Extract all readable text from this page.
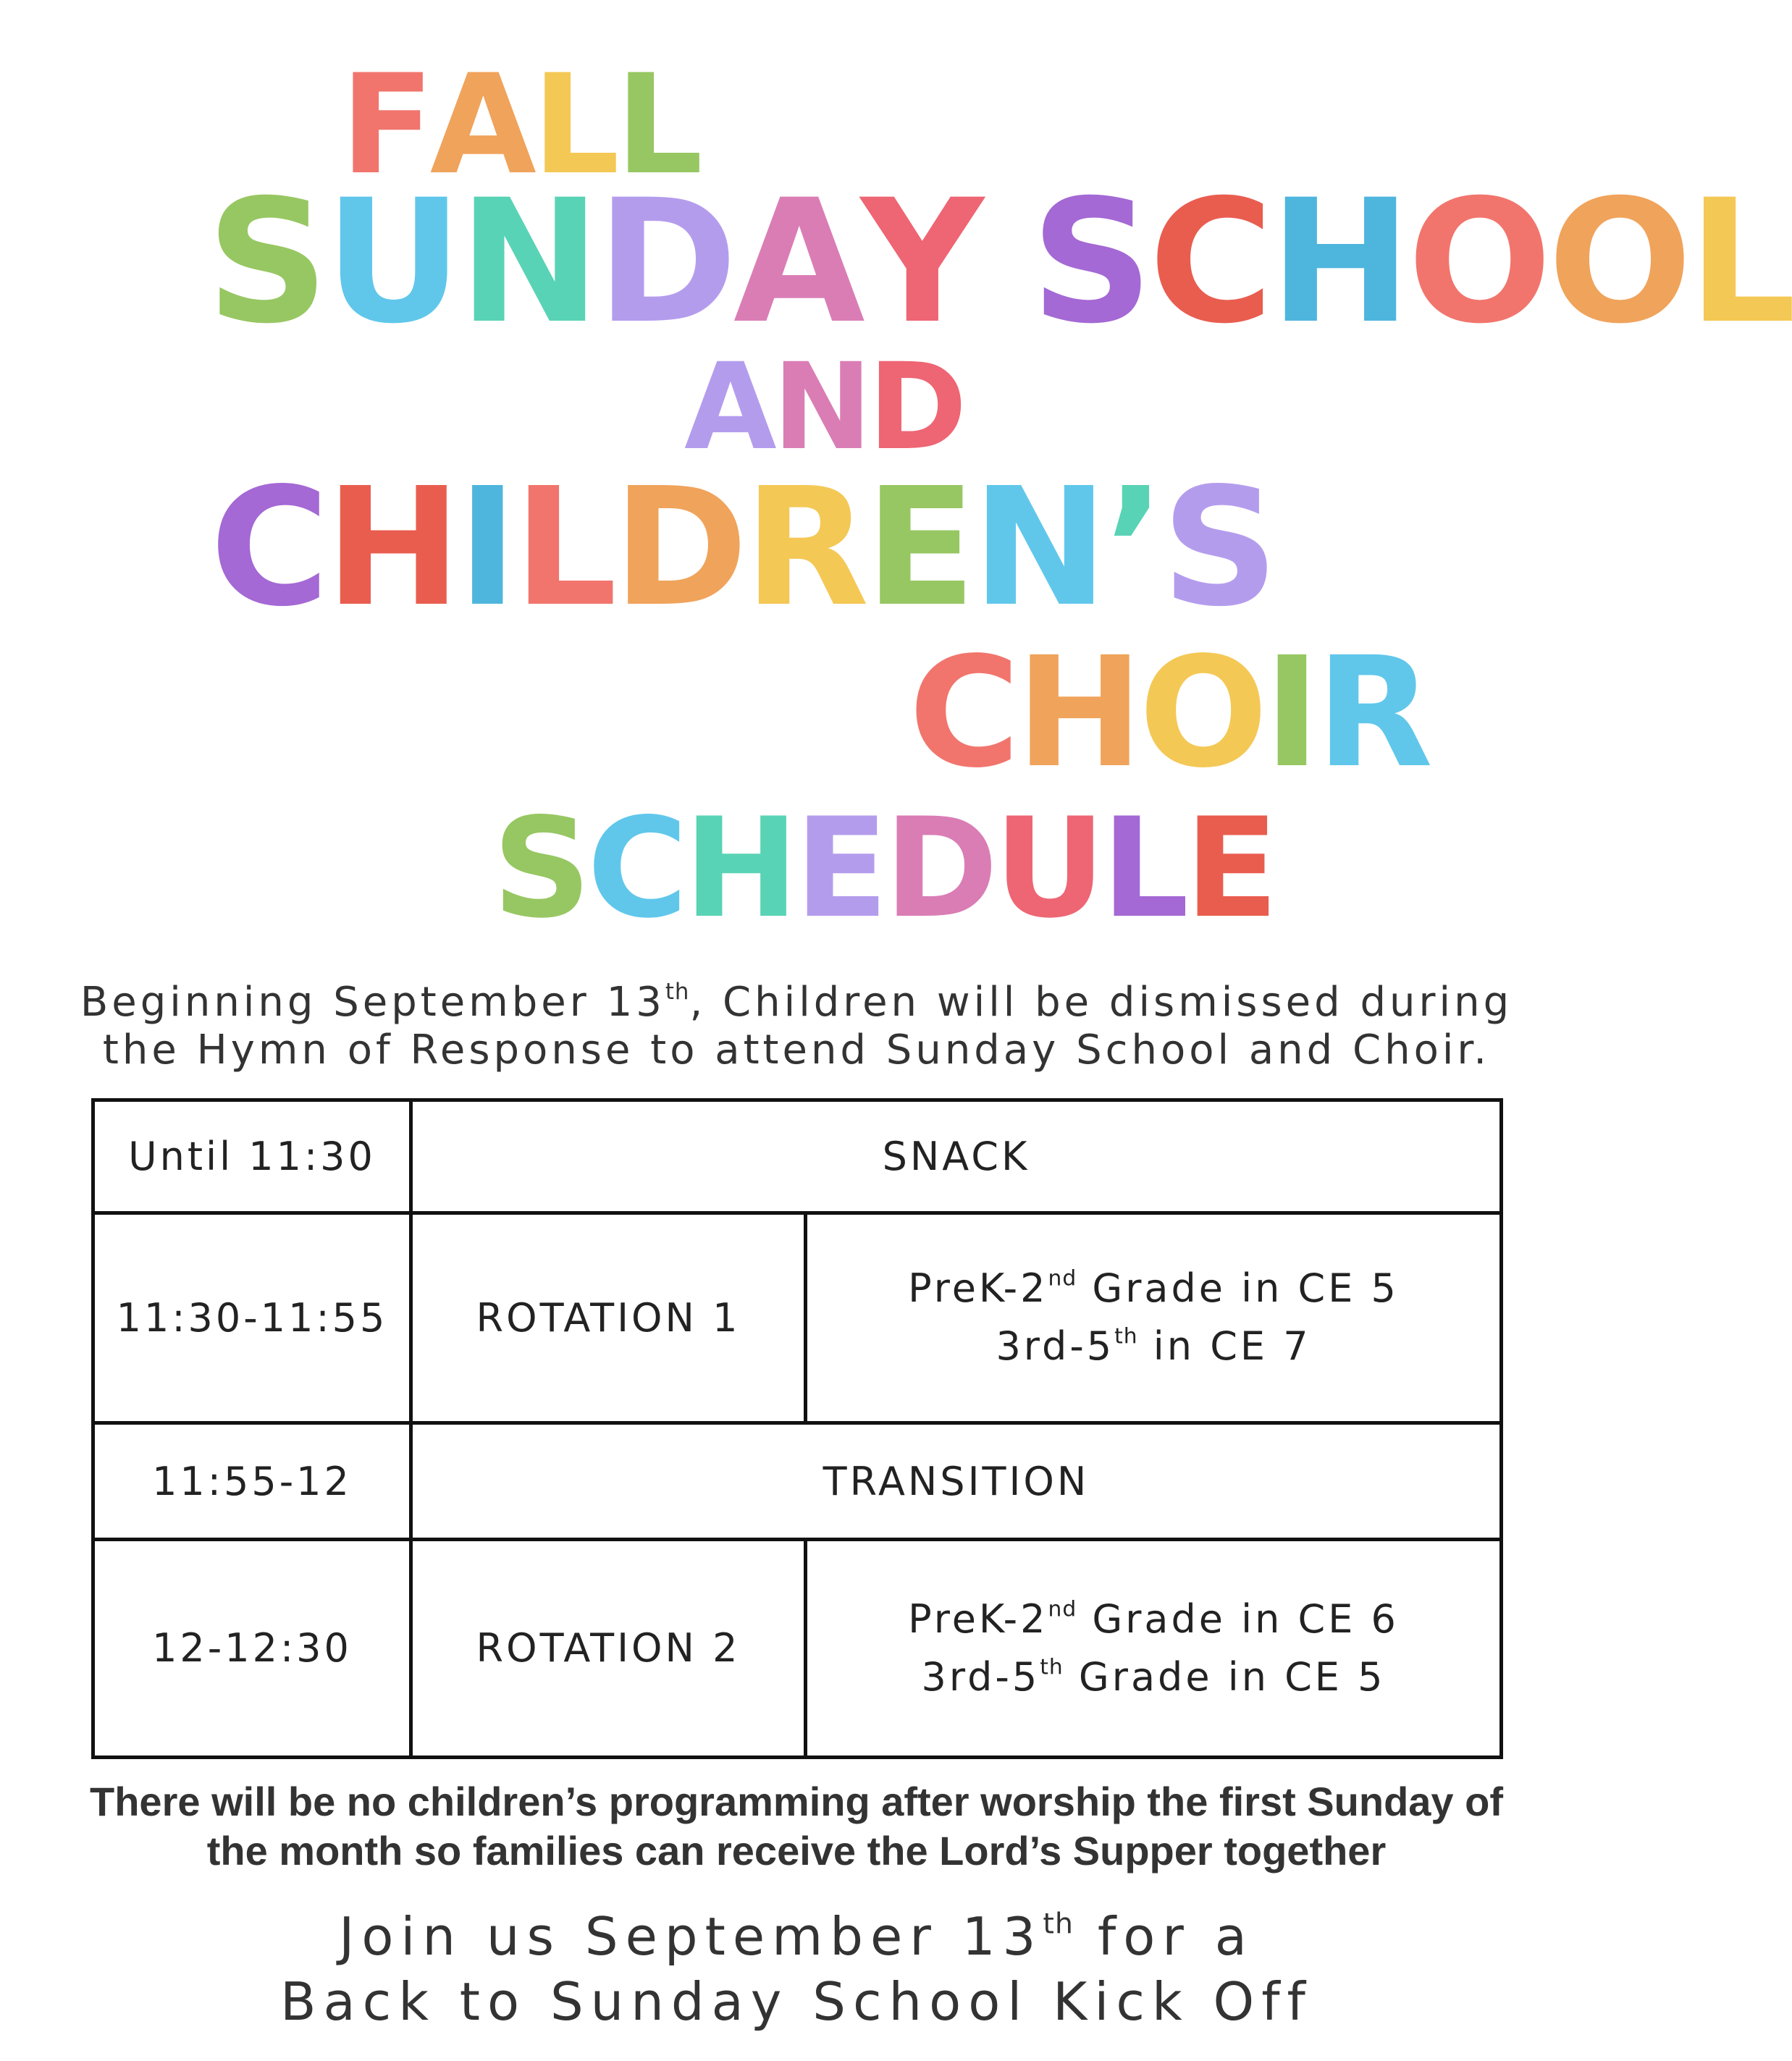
FALL
SUNDAY SCHOOL
AND
CHILDREN’S
CHOIR
SCHEDULE
Beginning September 13th, Children will be dismissed during
the Hymn of Response to attend Sunday School and Choir.
Until 11:30	SNACK	
11:30-11:55	ROTATION 1	PreK-2nd Grade in CE 5
3rd-5th in CE 7

11:55-12	TRANSITION	
12-12:30	ROTATION 2	PreK-2nd Grade in CE 6
3rd-5th Grade in CE 5
There will be no children’s programming after worship the first Sunday of
the month so families can receive the Lord’s Supper together
Join us September 13th for a
Back to Sunday School Kick Off
